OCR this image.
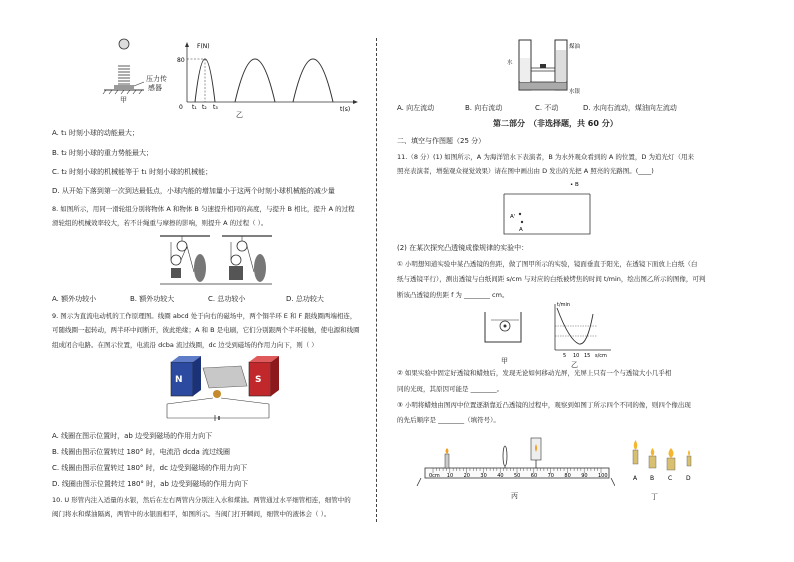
压力传
感器
甲
F(N)
80
0 t₁ t₂ t₃	t(s)
乙
A. t₁ 时刻小球的动能最大；
B. t₂ 时刻小球的重力势能最大；
C. t₂ 时刻小球的机械能等于 t₁ 时刻小球的机械能；
D. 从开始下落到第一次到达最低点，小球内能的增加量小于这两个时刻小球机械能的减少量
8. 如图所示，用同一滑轮组分别将物体 A 和物体 B 匀速提升相同的高度，与提升 B 相比，提升 A 的过程
滑轮组的机械效率较大，若不计绳重与摩擦的影响，则提升 A 的过程（ ）。
A. 额外功较小	B. 额外功较大	C. 总功较小	D. 总功较大
9. 图示为直流电动机的工作原理图。线圈 abcd 处于向右的磁场中，两个铜半环 E 和 F 跟线圈两端相连，
可随线圈一起转动，两半环中间断开，彼此绝缘；A 和 B 是电刷，它们分别跟两个半环接触，使电源和线圈
组成闭合电路。在图示位置，电流沿 dcba 流过线圈，dc 边受到磁场的作用力向下，则（ ）
N	S
A. 线圈在图示位置时，ab 边受到磁场的作用力向下
B. 线圈由图示位置转过 180° 时，电流沿 dcda 流过线圈
C. 线圈由图示位置转过 180° 时，dc 边受到磁场的作用力向下
D. 线圈由图示位置转过 180° 时，ab 边受到磁场的作用力向下
10. U 形管内注入适量的水银，然后在左右两管内分别注入水和煤油。两管通过水平细管相连，细管中的
阀门将水和煤油隔离，两管中的水银面相平，如图所示。当阀门打开瞬间，细管中的液体会（ ）。
煤油
水
水银
A. 向左流动	B. 向右流动	C. 不动	D. 水向右流动，煤油向左流动
第二部分　（非选择题，共 60 分）
二、填空与作图题（25 分）
11.（8 分）(1) 如图所示，A 为海洋馆水下表演者，B 为水外观众看到的 A 的位置，D 为追光灯（用来
照亮表演者，增强观众视觉效果）请在图中画出由 D 发出的光把 A 照亮的光路图。(____)
A'
A
• B
(2) 在某次探究凸透镜成像规律的实验中：
① 小明想知道实验中某凸透镜的焦距，做了图甲所示的实验，镜面垂直于阳光，在透镜下面放上白纸（白
纸与透镜平行），测出透镜与白纸间距 s/cm 与对应的白纸被烤焦的时间 t/min，绘出图乙所示的图像，可判
断该凸透镜的焦距 f 为 ________ cm。
甲
t/min
5 10 15 s/cm
乙
② 如果实验中固定好透镜和蜡烛后，发现无论如何移动光屏，光屏上只有一个与透镜大小几乎相
同的光斑，其原因可能是 ________。
③ 小明将蜡烛由图丙中位置逐渐靠近凸透镜的过程中，观察到如图丁所示四个不同的像，则四个像出现
的先后顺序是 ________（填符号）。
0cm 10 20 30 40 50 60 70 80 90 100
丙
A B C D
丁
